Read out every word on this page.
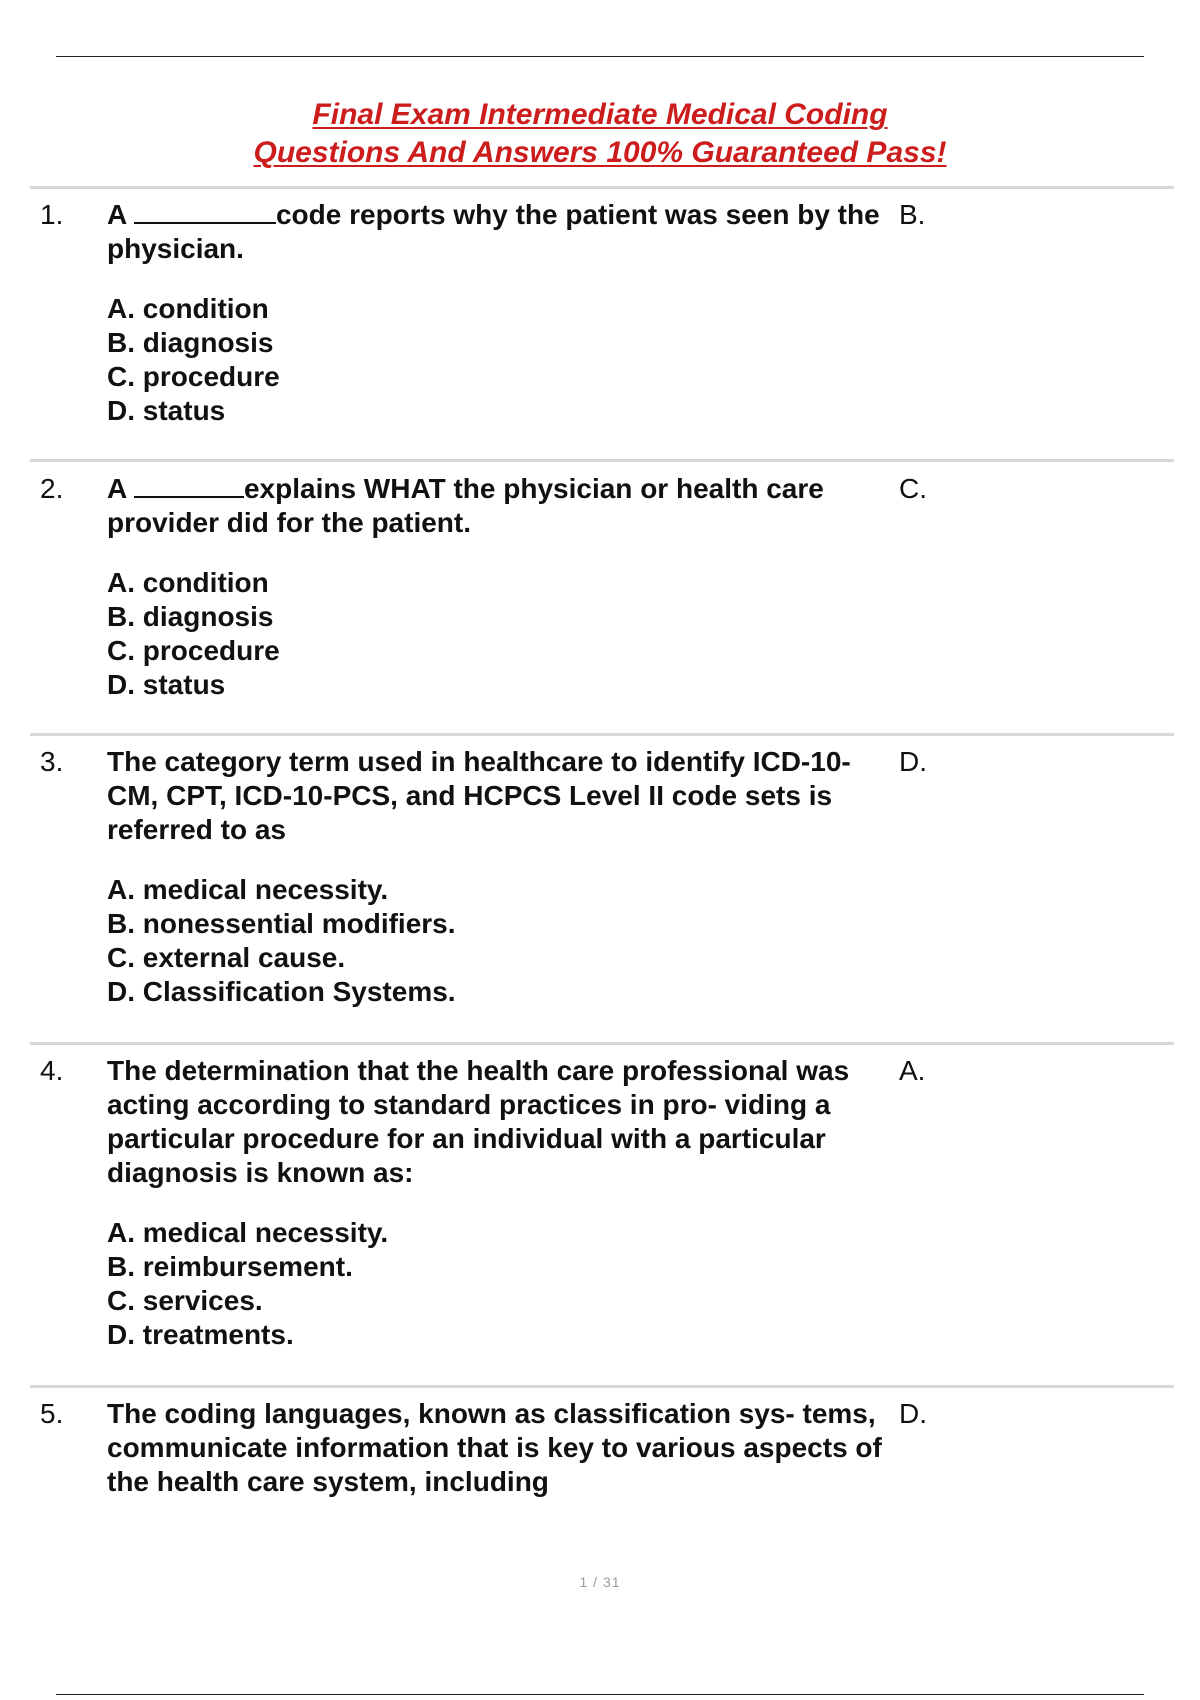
Final Exam Intermediate Medical Coding
Questions And Answers 100% Guaranteed Pass!
1. A	code reports why the patient was seen by the physician.

A. condition
B. diagnosis
C. procedure
D. status
B.
2. A	explains WHAT the physician or health care provider did for the patient.

A. condition
B. diagnosis
C. procedure
D. status
C.
3. The category term used in healthcare to identify ICD-10-CM, CPT, ICD-10-PCS, and HCPCS Level II code sets is referred to as

A. medical necessity.
B. nonessential modifiers.
C. external cause.
D. Classification Systems.
D.
4. The determination that the health care professional was acting according to standard practices in pro- viding a particular procedure for an individual with a particular diagnosis is known as:

A. medical necessity.
B. reimbursement.
C. services.
D. treatments.
A.
5. The coding languages, known as classification sys- tems, communicate information that is key to various aspects of the health care system, including

D.
1 / 31
